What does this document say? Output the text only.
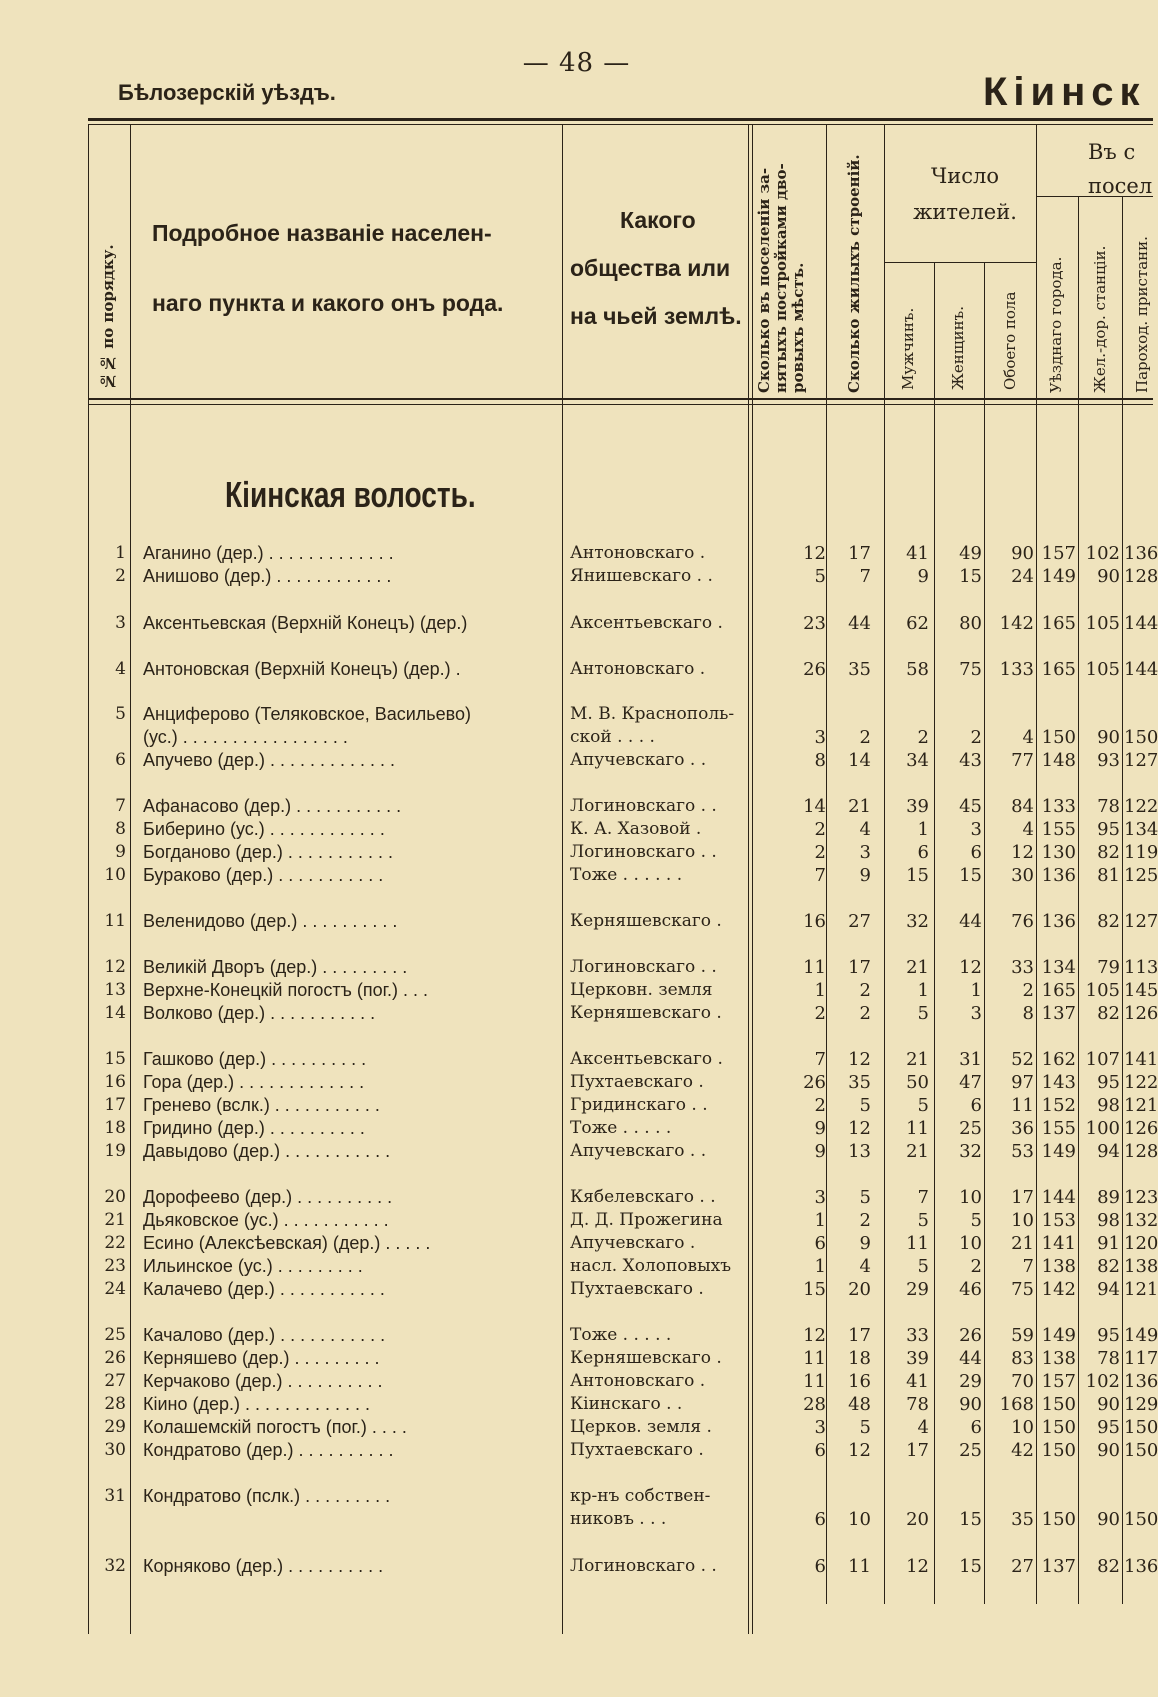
— 48 —
Бѣлозерскій уѣздъ.	Кіинск
№№ по порядку.
Подробное названіе населен-
наго пункта и какого онъ рода.
Какого
общества или
на чьей землѣ. Сколько въ поселеніи за-нятыхъ постройками дво-ровыхъ мѣстъ.	Сколько жилыхъ строеній.	Число
жителей.
Мужчинъ. Женщинъ. Обоего пола
Въ с
посел
Уѣзднаго города. Жел.-дор. станціи. Пароход. пристани.
Кіинская волость.
1 Аганино (дер.) . . . . . . . . . . . . .	Антоновскаго .	12	17	41	49	90 157 102 136
2 Анишово (дер.) . . . . . . . . . . . .	Янишевскаго . .	5	7	9	15	24 149	90 128
3 Аксентьевская (Верхній Конецъ) (дер.)	Аксентьевскаго .	23	44	62	80 142 165 105 144
4 Антоновская (Верхній Конецъ) (дер.) .	Антоновскаго .	26	35	58	75 133 165 105 144
5 Анциферово (Теляковское, Васильево)	М. В. Краснополь-
(ус.) . . . . . . . . . . . . . . . . .	ской . . . .	3	2	2	2	4 150	90 150
6 Апучево (дер.) . . . . . . . . . . . . .	Апучевскаго . .	8	14	34	43	77 148	93 127
7 Афанасово (дер.) . . . . . . . . . . .	Логиновскаго . .	14	21	39	45	84 133	78 122
8 Биберино (ус.) . . . . . . . . . . . .	К. А. Хазовой .	2	4	1	3	4 155	95 134
9 Богданово (дер.) . . . . . . . . . . .	Логиновскаго . .	2	3	6	6	12 130	82 119
10 Бураково (дер.) . . . . . . . . . . .	Тоже . . . . . .	7	9	15	15	30 136	81 125
11 Веленидово (дер.) . . . . . . . . . .	Керняшевскаго .	16	27	32	44	76 136	82 127
12 Великій Дворъ (дер.) . . . . . . . . .	Логиновскаго . .	11	17	21	12	33 134	79 113
13 Верхне-Конецкій погостъ (пог.) . . .	Церковн. земля	1	2	1	1	2 165 105 145
14 Волково (дер.) . . . . . . . . . . .	Керняшевскаго .	2	2	5	3	8 137	82 126
15 Гашково (дер.) . . . . . . . . . .	Аксентьевскаго .	7	12	21	31	52 162 107 141
16 Гора (дер.) . . . . . . . . . . . . .	Пухтаевскаго .	26	35	50	47	97 143	95 122
17 Гренево (вслк.) . . . . . . . . . . .	Гридинскаго . .	2	5	5	6	11 152	98 121
18 Гридино (дер.) . . . . . . . . . .	Тоже . . . . .	9	12	11	25	36 155 100 126
19 Давыдово (дер.) . . . . . . . . . . .	Апучевскаго . .	9	13	21	32	53 149	94 128
20 Дорофеево (дер.) . . . . . . . . . .	Кябелевскаго . .	3	5	7	10	17 144	89 123
21 Дьяковское (ус.) . . . . . . . . . . .	Д. Д. Прожегина	1	2	5	5	10 153	98 132
22 Есино (Алексѣевская) (дер.) . . . . .	Апучевскаго .	6	9	11	10	21 141	91 120
23 Ильинское (ус.) . . . . . . . . .	насл. Холоповыхъ	1	4	5	2	7 138	82 138
24 Калачево (дер.) . . . . . . . . . . .	Пухтаевскаго .	15	20	29	46	75 142	94 121
25 Качалово (дер.) . . . . . . . . . . .	Тоже . . . . .	12	17	33	26	59 149	95 149
26 Керняшево (дер.) . . . . . . . . .	Керняшевскаго .	11	18	39	44	83 138	78 117
27 Керчаково (дер.) . . . . . . . . . .	Антоновскаго .	11	16	41	29	70 157 102 136
28 Кіино (дер.) . . . . . . . . . . . . .	Кіинскаго . .	28	48	78	90 168 150	90 129
29 Колашемскій погостъ (пог.) . . . .	Церков. земля .	3	5	4	6	10 150	95 150
30 Кондратово (дер.) . . . . . . . . . .	Пухтаевскаго .	6	12	17	25	42 150	90 150
31 Кондратово (пслк.) . . . . . . . . .	кр-нъ собствен-
никовъ . . .	6	10	20	15	35 150	90 150
32 Корняково (дер.) . . . . . . . . . .	Логиновскаго . .	6	11	12	15	27 137	82 136
